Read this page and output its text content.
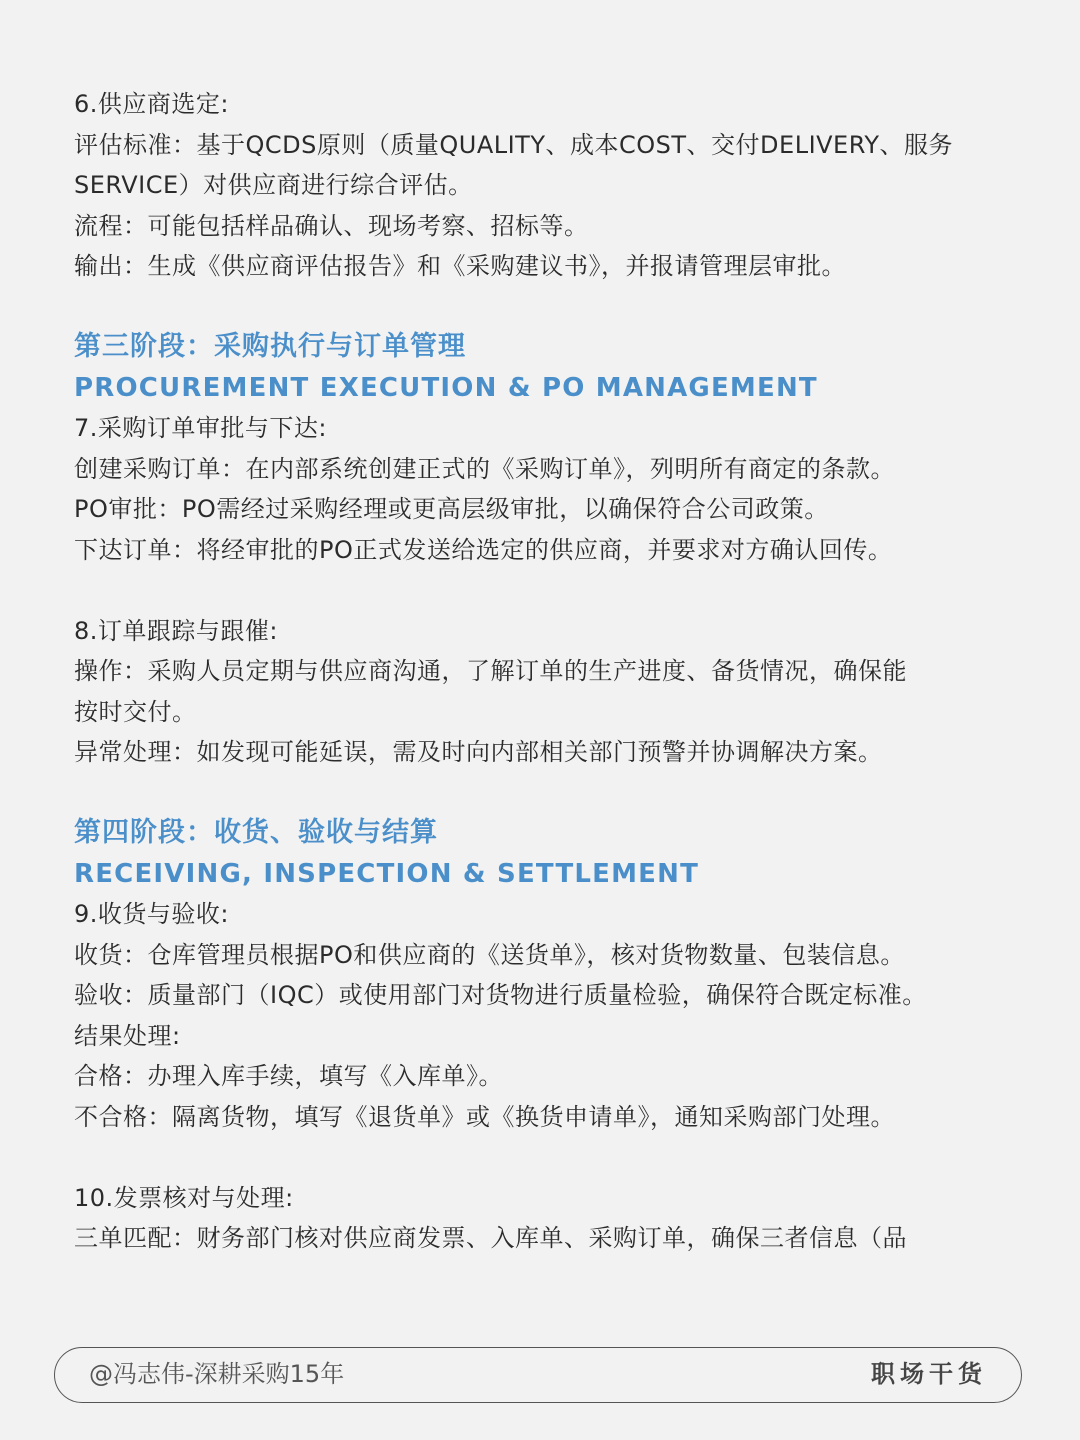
6.供应商选定:
评估标准：基于QCDS原则（质量QUALITY、成本COST、交付DELIVERY、服务
SERVICE）对供应商进行综合评估。
流程：可能包括样品确认、现场考察、招标等。
输出：生成《供应商评估报告》和《采购建议书》，并报请管理层审批。
第三阶段：采购执行与订单管理
PROCUREMENT EXECUTION & PO MANAGEMENT
7.采购订单审批与下达:
创建采购订单：在内部系统创建正式的《采购订单》，列明所有商定的条款。
PO审批：PO需经过采购经理或更高层级审批，以确保符合公司政策。
下达订单：将经审批的PO正式发送给选定的供应商，并要求对方确认回传。
8.订单跟踪与跟催:
操作：采购人员定期与供应商沟通，了解订单的生产进度、备货情况，确保能
按时交付。
异常处理：如发现可能延误，需及时向内部相关部门预警并协调解决方案。
第四阶段：收货、验收与结算
RECEIVING, INSPECTION & SETTLEMENT
9.收货与验收:
收货：仓库管理员根据PO和供应商的《送货单》，核对货物数量、包装信息。
验收：质量部门（IQC）或使用部门对货物进行质量检验，确保符合既定标准。
结果处理:
合格：办理入库手续，填写《入库单》。
不合格：隔离货物，填写《退货单》或《换货申请单》，通知采购部门处理。
10.发票核对与处理:
三单匹配：财务部门核对供应商发票、入库单、采购订单，确保三者信息（品
@冯志伟-深耕采购15年	职场干货
